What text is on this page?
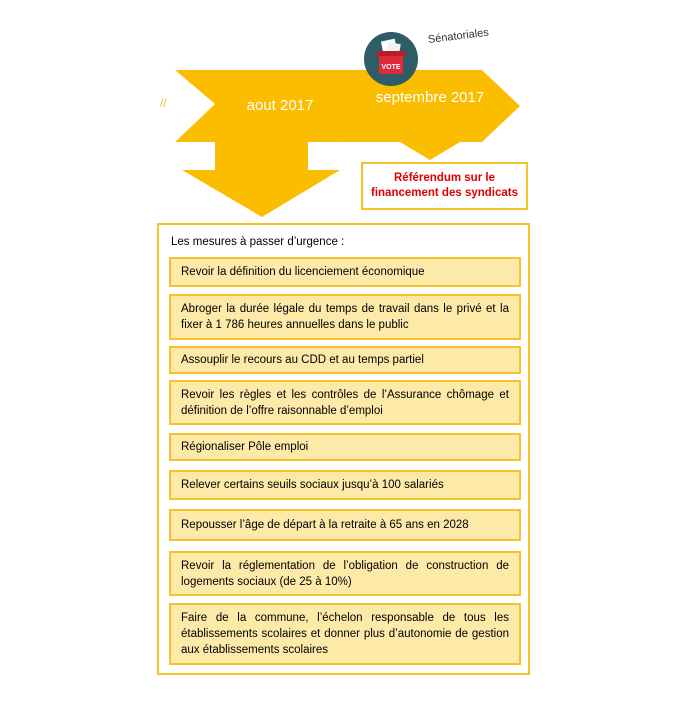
//	aout 2017	septembre 2017
VOTE
Sénatoriales
Référendum sur le financement des syndicats
Les mesures à passer d’urgence :
Revoir la définition du licenciement économique
Abroger la durée légale du temps de travail dans le privé et la fixer à 1 786 heures annuelles dans le public
Assouplir le recours au CDD et au temps partiel
Revoir les règles et les contrôles de l’Assurance chômage et définition de l’offre raisonnable d’emploi
Régionaliser Pôle emploi
Relever certains seuils sociaux jusqu’à 100 salariés
Repousser l’âge de départ à la retraite à 65 ans en 2028
Revoir la réglementation de l’obligation de construction de logements sociaux (de 25 à 10%)
Faire de la commune, l’échelon responsable de tous les établissements scolaires et donner plus d’autonomie de gestion aux établissements scolaires
